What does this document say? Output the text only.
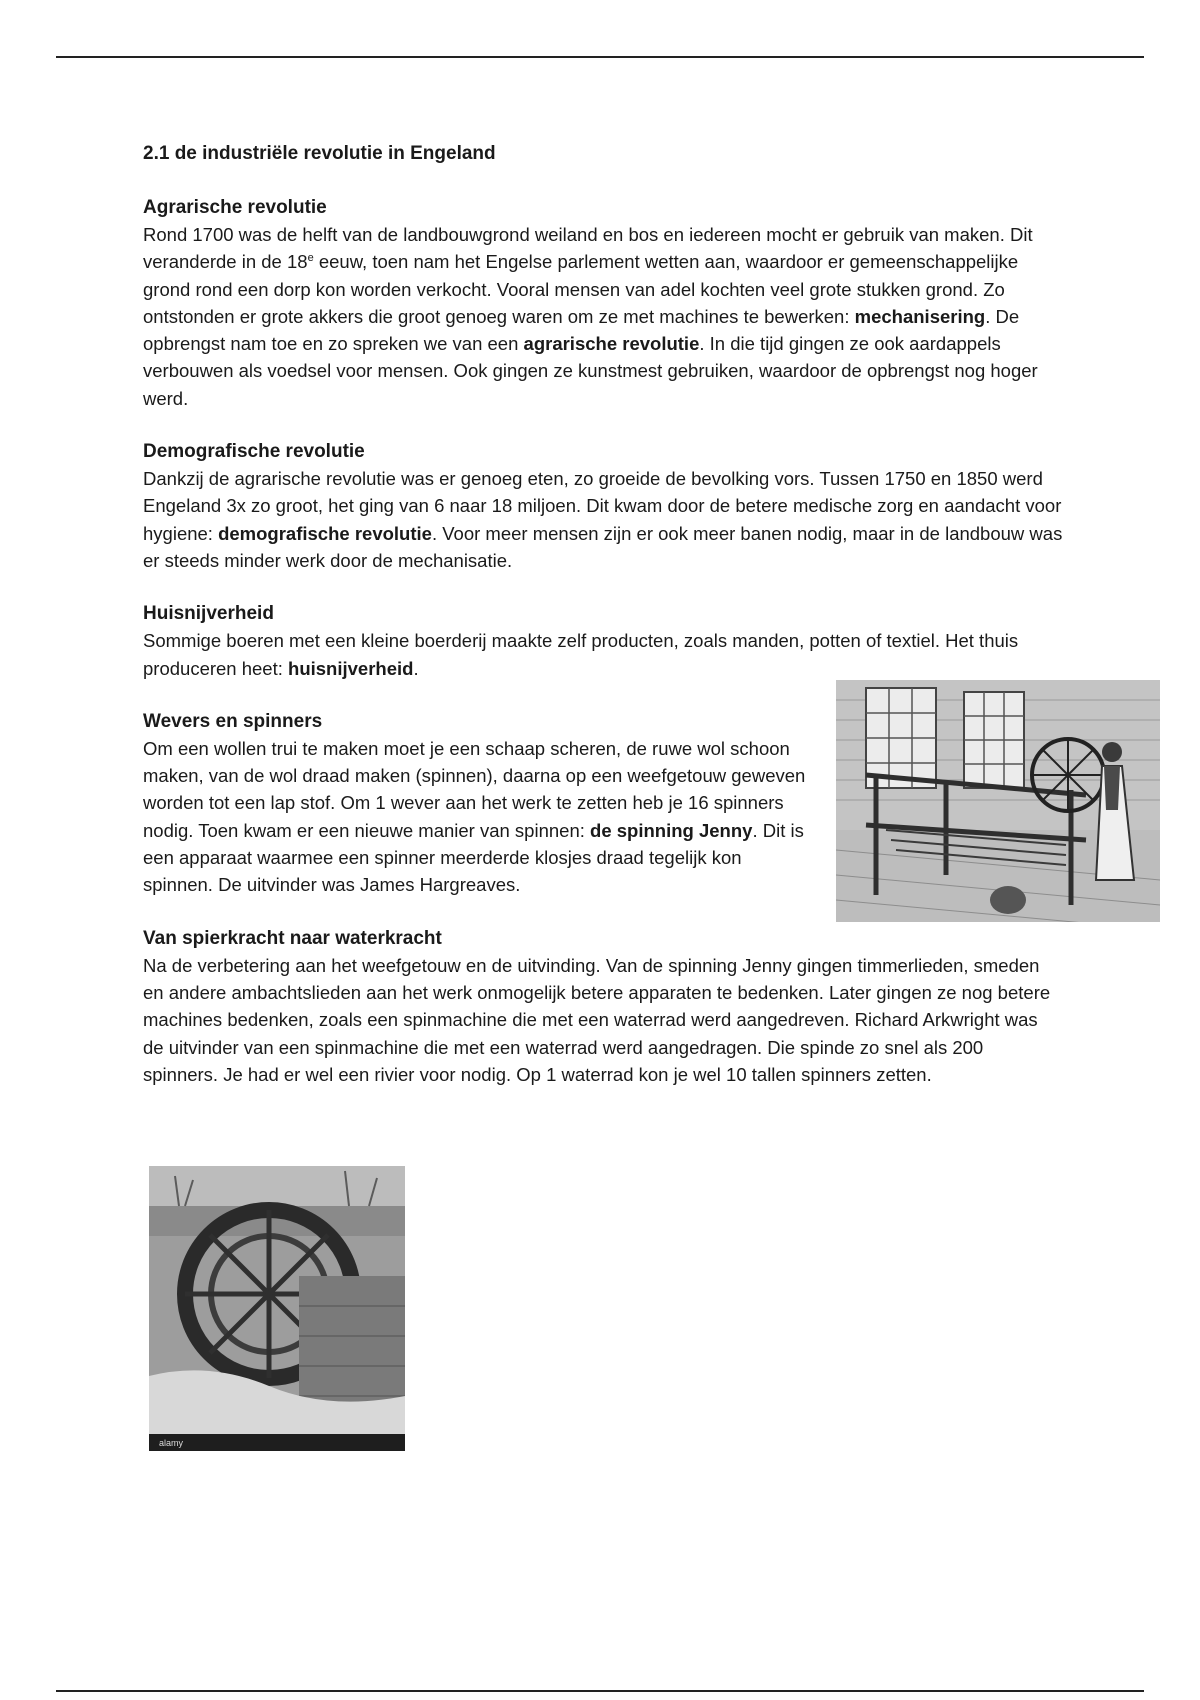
2.1 de industriële revolutie in Engeland

Agrarische revolutie

Rond 1700 was de helft van de landbouwgrond weiland en bos en iedereen mocht er gebruik van maken. Dit veranderde in de 18e eeuw, toen nam het Engelse parlement wetten aan, waardoor er gemeenschappelijke grond rond een dorp kon worden verkocht. Vooral mensen van adel kochten veel grote stukken grond. Zo ontstonden er grote akkers die groot genoeg waren om ze met machines te bewerken: mechanisering. De opbrengst nam toe en zo spreken we van een agrarische revolutie. In die tijd gingen ze ook aardappels verbouwen als voedsel voor mensen. Ook gingen ze kunstmest gebruiken, waardoor de opbrengst nog hoger werd.

Demografische revolutie

Dankzij de agrarische revolutie was er genoeg eten, zo groeide de bevolking vors. Tussen 1750 en 1850 werd Engeland 3x zo groot, het ging van 6 naar 18 miljoen. Dit kwam door de betere medische zorg en aandacht voor hygiene: demografische revolutie. Voor meer mensen zijn er ook meer banen nodig, maar in de landbouw was er steeds minder werk door de mechanisatie.

Huisnijverheid

Sommige boeren met een kleine boerderij maakte zelf producten, zoals manden, potten of textiel. Het thuis produceren heet: huisnijverheid.

Wevers en spinners

Om een wollen trui te maken moet je een schaap scheren, de ruwe wol schoon maken, van de wol draad maken (spinnen), daarna op een weefgetouw geweven worden tot een lap stof. Om 1 wever aan het werk te zetten heb je 16 spinners nodig. Toen kwam er een nieuwe manier van spinnen: de spinning Jenny. Dit is een apparaat waarmee een spinner meerderde klosjes draad tegelijk kon spinnen. De uitvinder was James Hargreaves.

Van spierkracht naar waterkracht

Na de verbetering aan het weefgetouw en de uitvinding. Van de spinning Jenny gingen timmerlieden, smeden en andere ambachtslieden aan het werk onmogelijk betere apparaten te bedenken. Later gingen ze nog betere machines bedenken, zoals een spinmachine die met een waterrad werd aangedreven. Richard Arkwright was de uitvinder van een spinmachine die met een waterrad werd aangedragen. Die spinde zo snel als 200 spinners. Je had er wel een rivier voor nodig. Op 1 waterrad kon je wel 10 tallen spinners zetten.

alamy
